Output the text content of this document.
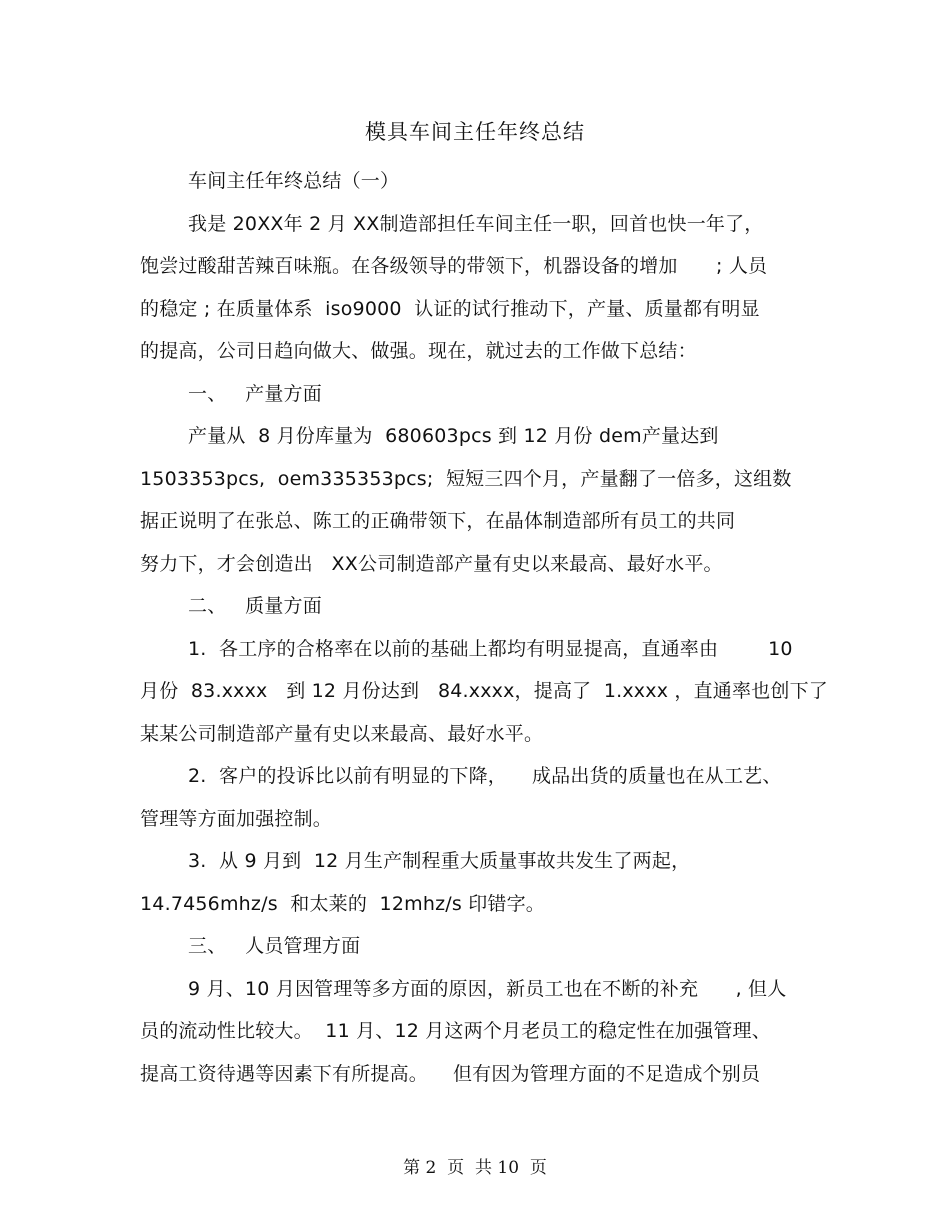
模具车间主任年终总结
车间主任年终总结（一）
我是 20XX年 2 月 XX制造部担任车间主任一职，回首也快一年了，
饱尝过酸甜苦辣百味瓶。在各级领导的带领下，机器设备的增加　　; 人员
的稳定 ; 在质量体系  iso9000  认证的试行推动下，产量、质量都有明显
的提高，公司日趋向做大、做强。现在，就过去的工作做下总结：
一、   产量方面
产量从  8 月份库量为  680603pcs 到 12 月份 dem产量达到
1503353pcs,  oem335353pcs;  短短三四个月，产量翻了一倍多，这组数
据正说明了在张总、陈工的正确带领下，在晶体制造部所有员工的共同
努力下，才会创造出   XX公司制造部产量有史以来最高、最好水平。
二、   质量方面
1.  各工序的合格率在以前的基础上都均有明显提高，直通率由        10
月份  83.xxxx   到 12 月份达到   84.xxxx，提高了  1.xxxx ，直通率也创下了
某某公司制造部产量有史以来最高、最好水平。
2.  客户的投诉比以前有明显的下降，    成品出货的质量也在从工艺、
管理等方面加强控制。
3.  从 9 月到  12 月生产制程重大质量事故共发生了两起，
14.7456mhz/s  和太莱的  12mhz/s 印错字。
三、   人员管理方面
9 月、10 月因管理等多方面的原因，新员工也在不断的补充      , 但人
员的流动性比较大。  11 月、12 月这两个月老员工的稳定性在加强管理、
提高工资待遇等因素下有所提高。    但有因为管理方面的不足造成个别员
第 2  页  共 10  页
